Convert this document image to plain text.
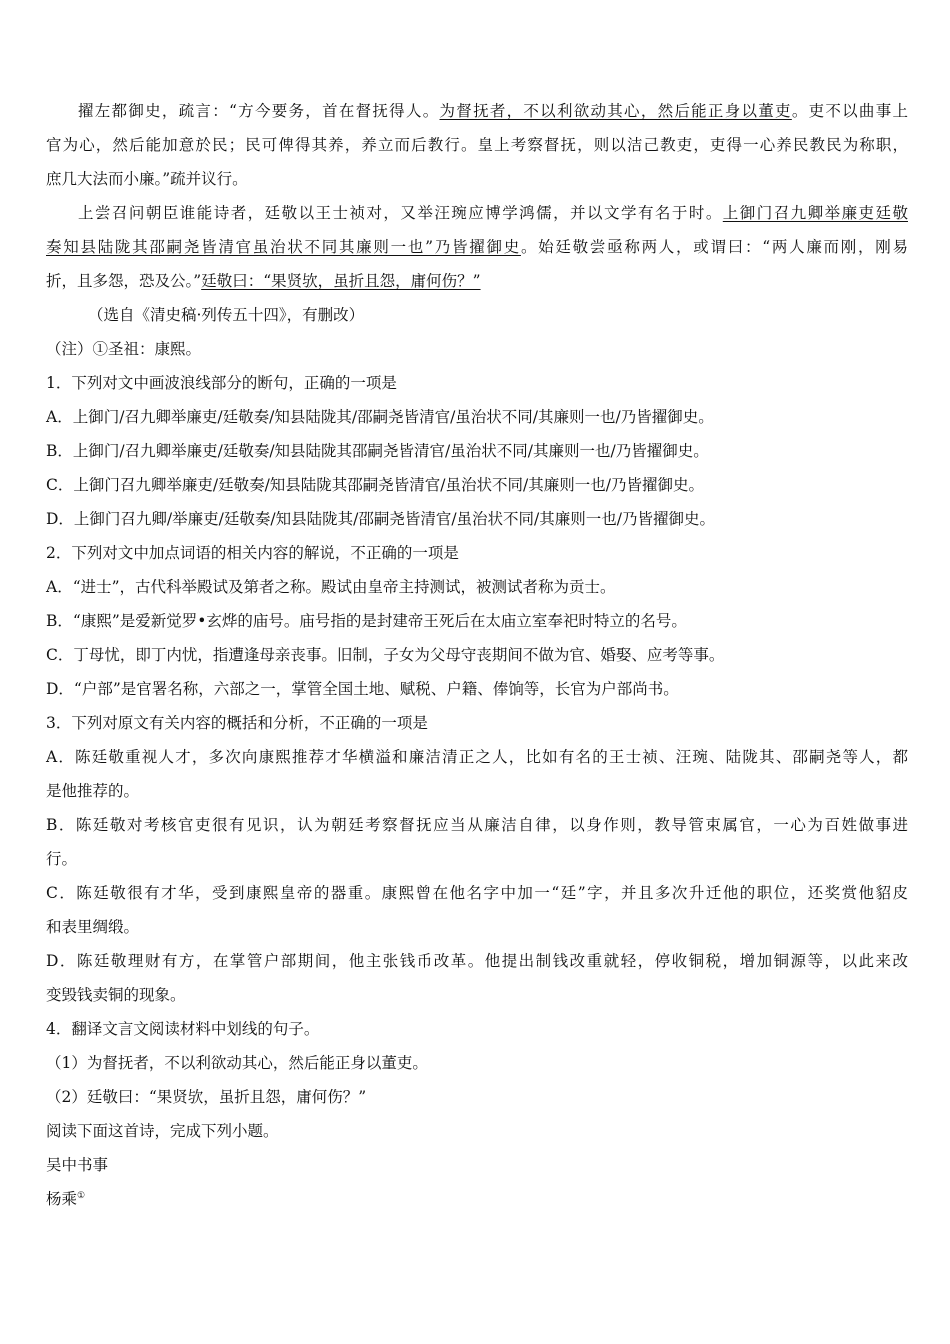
擢左都御史，疏言：“方今要务，首在督抚得人。为督抚者，不以利欲动其心，然后能正身以董吏。吏不以曲事上
官为心，然后能加意於民；民可俾得其养，养立而后教行。皇上考察督抚，则以洁己教吏，吏得一心养民教民为称职，
庶几大法而小廉。”疏并议行。
上尝召问朝臣谁能诗者，廷敬以王士祯对，又举汪琬应博学鸿儒，并以文学有名于时。上御门召九卿举廉吏廷敬
奏知县陆陇其邵嗣尧皆清官虽治状不同其廉则一也”乃皆擢御史。始廷敬尝亟称两人，或谓曰：“两人廉而刚，刚易
折，且多怨，恐及公。”廷敬曰：“果贤欤，虽折且怨，庸何伤？”
（选自《清史稿·列传五十四》，有删改）
（注）①圣祖：康熙。
1．下列对文中画波浪线部分的断句，正确的一项是
A．上御门/召九卿举廉吏/廷敬奏/知县陆陇其/邵嗣尧皆清官/虽治状不同/其廉则一也/乃皆擢御史。
B．上御门/召九卿举廉吏/廷敬奏/知县陆陇其邵嗣尧皆清官/虽治状不同/其廉则一也/乃皆擢御史。
C．上御门召九卿举廉吏/廷敬奏/知县陆陇其邵嗣尧皆清官/虽治状不同/其廉则一也/乃皆擢御史。
D．上御门召九卿/举廉吏/廷敬奏/知县陆陇其/邵嗣尧皆清官/虽治状不同/其廉则一也/乃皆擢御史。
2．下列对文中加点词语的相关内容的解说，不正确的一项是
A．“进士”，古代科举殿试及第者之称。殿试由皇帝主持测试，被测试者称为贡士。
B．“康熙”是爱新觉罗•玄烨的庙号。庙号指的是封建帝王死后在太庙立室奉祀时特立的名号。
C．丁母忧，即丁内忧，指遭逢母亲丧事。旧制，子女为父母守丧期间不做为官、婚娶、应考等事。
D．“户部”是官署名称，六部之一，掌管全国土地、赋税、户籍、俸饷等，长官为户部尚书。
3．下列对原文有关内容的概括和分析，不正确的一项是
A．陈廷敬重视人才，多次向康熙推荐才华横溢和廉洁清正之人，比如有名的王士祯、汪琬、陆陇其、邵嗣尧等人，都
是他推荐的。
B．陈廷敬对考核官吏很有见识，认为朝廷考察督抚应当从廉洁自律，以身作则，教导管束属官，一心为百姓做事进
行。
C．陈廷敬很有才华，受到康熙皇帝的器重。康熙曾在他名字中加一“廷”字，并且多次升迁他的职位，还奖赏他貂皮
和表里绸缎。
D．陈廷敬理财有方，在掌管户部期间，他主张钱币改革。他提出制钱改重就轻，停收铜税，增加铜源等，以此来改
变毁钱卖铜的现象。
4．翻译文言文阅读材料中划线的句子。
（1）为督抚者，不以利欲动其心，然后能正身以董吏。
（2）廷敬曰：“果贤欤，虽折且怨，庸何伤？”
阅读下面这首诗，完成下列小题。
吴中书事
杨乘①
